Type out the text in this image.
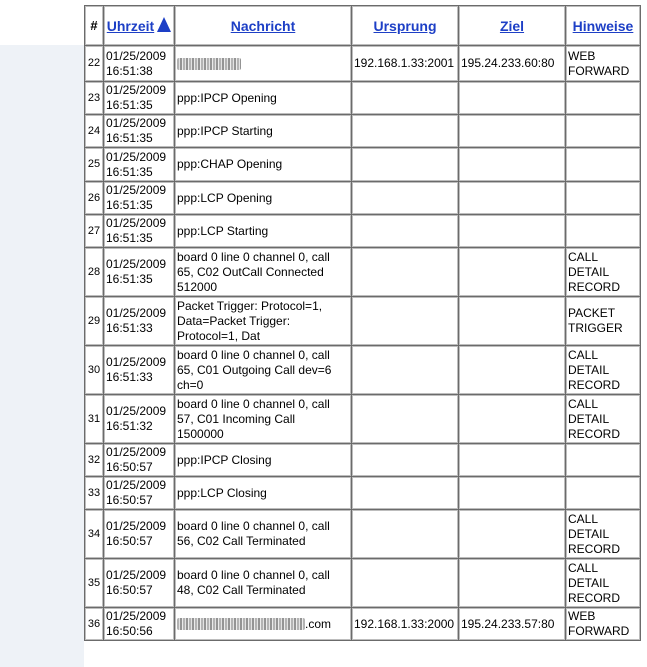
#	Uhrzeit	Nachricht	Ursprung	Ziel	Hinweise
22	01/25/2009
16:51:38		192.168.1.33:2001	195.24.233.60:80	WEB
FORWARD
23	01/25/2009
16:51:35	ppp:IPCP Opening			
24	01/25/2009
16:51:35	ppp:IPCP Starting			
25	01/25/2009
16:51:35	ppp:CHAP Opening			
26	01/25/2009
16:51:35	ppp:LCP Opening			
27	01/25/2009
16:51:35	ppp:LCP Starting			
28	01/25/2009
16:51:35	board 0 line 0 channel 0, call
65, C02 OutCall Connected
512000			CALL
DETAIL
RECORD
29	01/25/2009
16:51:33	Packet Trigger: Protocol=1,
Data=Packet Trigger:
Protocol=1, Dat			PACKET
TRIGGER
30	01/25/2009
16:51:33	board 0 line 0 channel 0, call
65, C01 Outgoing Call dev=6
ch=0			CALL
DETAIL
RECORD
31	01/25/2009
16:51:32	board 0 line 0 channel 0, call
57, C01 Incoming Call
1500000			CALL
DETAIL
RECORD
32	01/25/2009
16:50:57	ppp:IPCP Closing			
33	01/25/2009
16:50:57	ppp:LCP Closing			
34	01/25/2009
16:50:57	board 0 line 0 channel 0, call
56, C02 Call Terminated			CALL
DETAIL
RECORD
35	01/25/2009
16:50:57	board 0 line 0 channel 0, call
48, C02 Call Terminated			CALL
DETAIL
RECORD
36	01/25/2009
16:50:56	.com	192.168.1.33:2000	195.24.233.57:80	WEB
FORWARD
